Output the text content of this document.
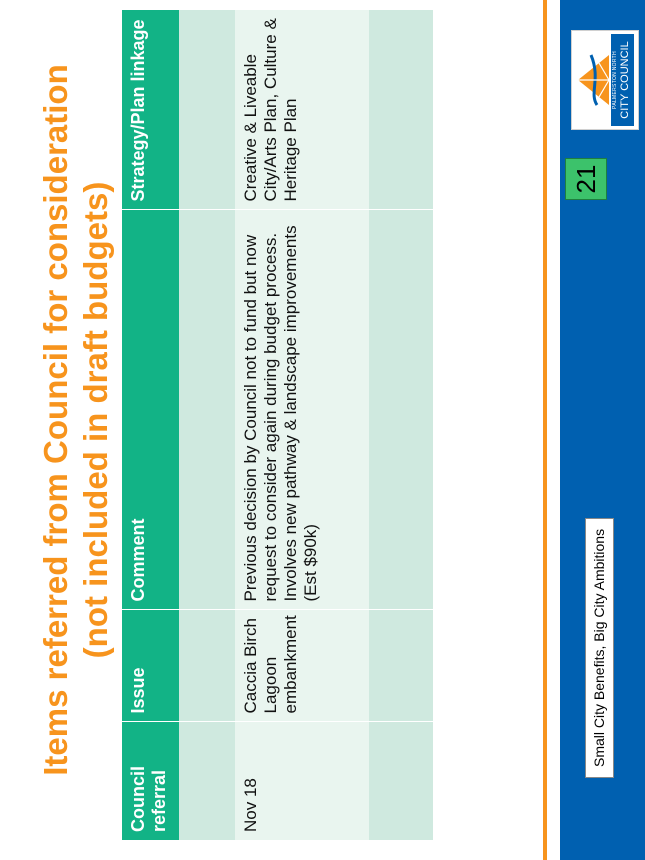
Items referred from Council for consideration (not included in draft budgets)
Council referral	Issue	Comment	Strategy/Plan linkage

Nov 18	Caccia Birch Lagoon embankment	Previous decision by Council not to fund but now request to consider again during budget process. Involves new pathway & landscape improvements (Est $90k)	Creative & Liveable City/Arts Plan, Culture & Heritage Plan

Small City Benefits, Big City Ambitions
21
PALMERSTON NORTH CITY COUNCIL
